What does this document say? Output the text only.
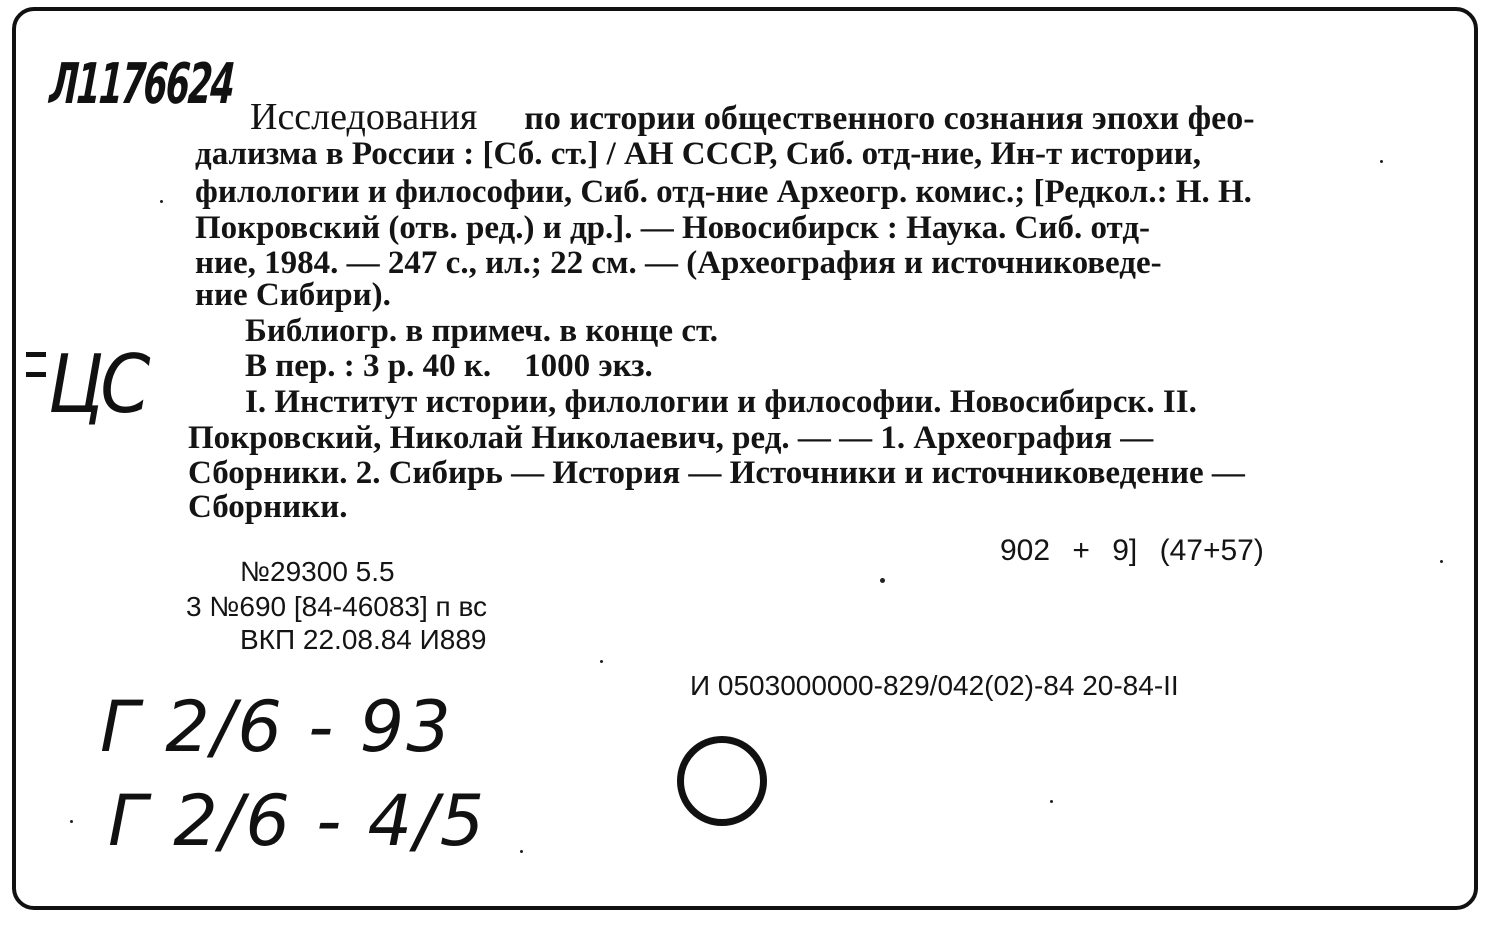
Л1176624
ЦС
Исследования по истории общественного сознания эпохи фео-
дализма в России : [Сб. ст.] / АН СССР, Сиб. отд-ние, Ин-т истории,
филологии и философии, Сиб. отд-ние Археогр. комис.; [Редкол.: Н. Н.
Покровский (отв. ред.) и др.]. — Новосибирск : Наука. Сиб. отд-
ние, 1984. — 247 с., ил.; 22 см. — (Археография и источниковеде-
ние Сибири).
Библиогр. в примеч. в конце ст.
В пер. : 3 р. 40 к.    1000 экз.
I. Институт истории, филологии и философии. Новосибирск. II.
Покровский, Николай Николаевич, ред. — — 1. Археография —
Сборники. 2. Сибирь — История — Источники и источниковедение —
Сборники.
902 + 9] (47+57)
№29300 5.5
3 №690 [84-46083] п вс
ВКП 22.08.84 И889
И 0503000000-829/042(02)-84 20-84-II
Г 2/6 - 93
Г 2/6 - 4/5
